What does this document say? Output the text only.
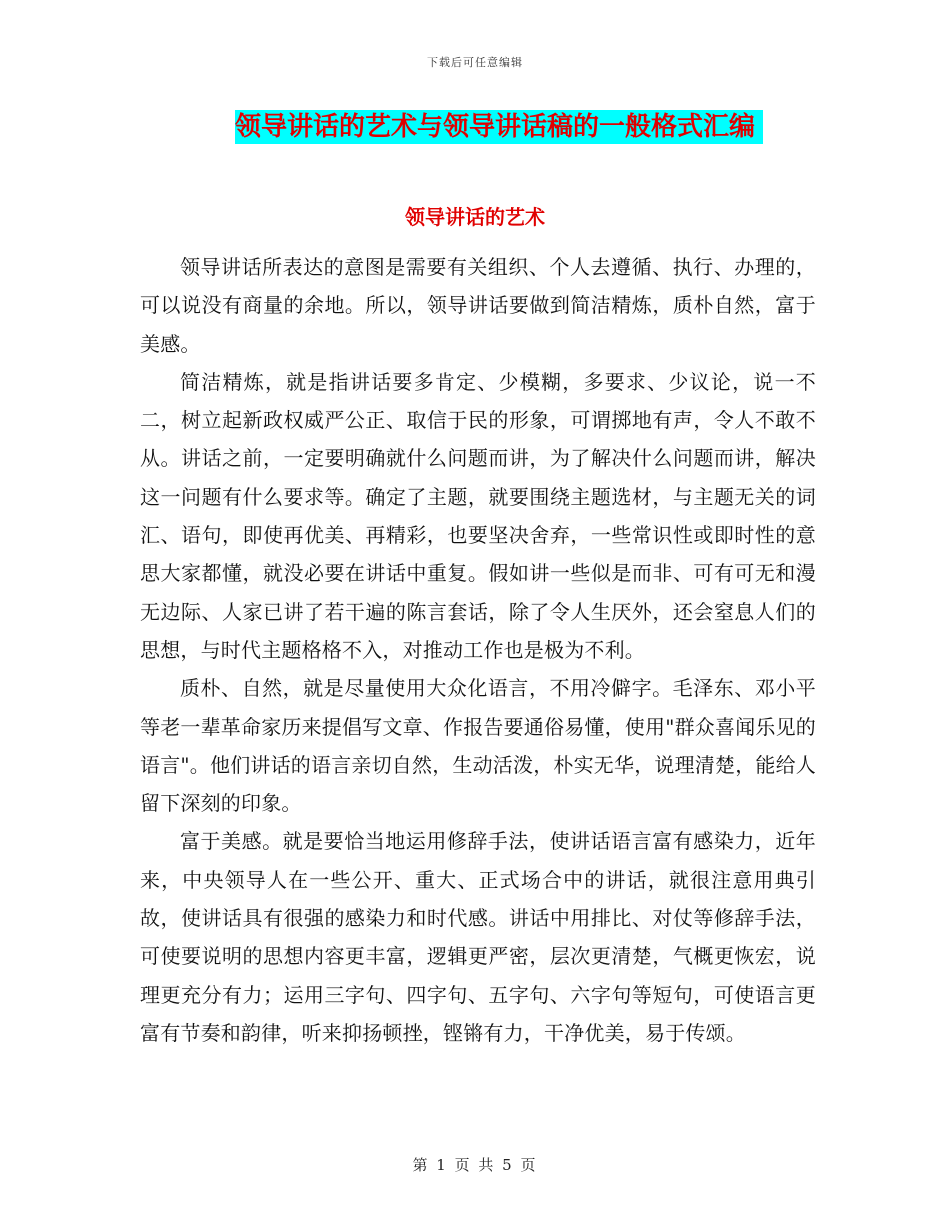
下载后可任意编辑
领导讲话的艺术与领导讲话稿的一般格式汇编
领导讲话的艺术

领导讲话所表达的意图是需要有关组织、个人去遵循、执行、办理的，可以说没有商量的余地。所以，领导讲话要做到简洁精炼，质朴自然，富于美感。

简洁精炼，就是指讲话要多肯定、少模糊，多要求、少议论，说一不二，树立起新政权威严公正、取信于民的形象，可谓掷地有声，令人不敢不从。讲话之前，一定要明确就什么问题而讲，为了解决什么问题而讲，解决这一问题有什么要求等。确定了主题，就要围绕主题选材，与主题无关的词汇、语句，即使再优美、再精彩，也要坚决舍弃，一些常识性或即时性的意思大家都懂，就没必要在讲话中重复。假如讲一些似是而非、可有可无和漫无边际、人家已讲了若干遍的陈言套话，除了令人生厌外，还会窒息人们的思想，与时代主题格格不入，对推动工作也是极为不利。

质朴、自然，就是尽量使用大众化语言，不用冷僻字。毛泽东、邓小平等老一辈革命家历来提倡写文章、作报告要通俗易懂，使用"群众喜闻乐见的语言"。他们讲话的语言亲切自然，生动活泼，朴实无华，说理清楚，能给人留下深刻的印象。

富于美感。就是要恰当地运用修辞手法，使讲话语言富有感染力，近年来，中央领导人在一些公开、重大、正式场合中的讲话，就很注意用典引故，使讲话具有很强的感染力和时代感。讲话中用排比、对仗等修辞手法，可使要说明的思想内容更丰富，逻辑更严密，层次更清楚，气概更恢宏，说理更充分有力；运用三字句、四字句、五字句、六字句等短句，可使语言更富有节奏和韵律，听来抑扬顿挫，铿锵有力，干净优美，易于传颂。

第 1 页 共 5 页
